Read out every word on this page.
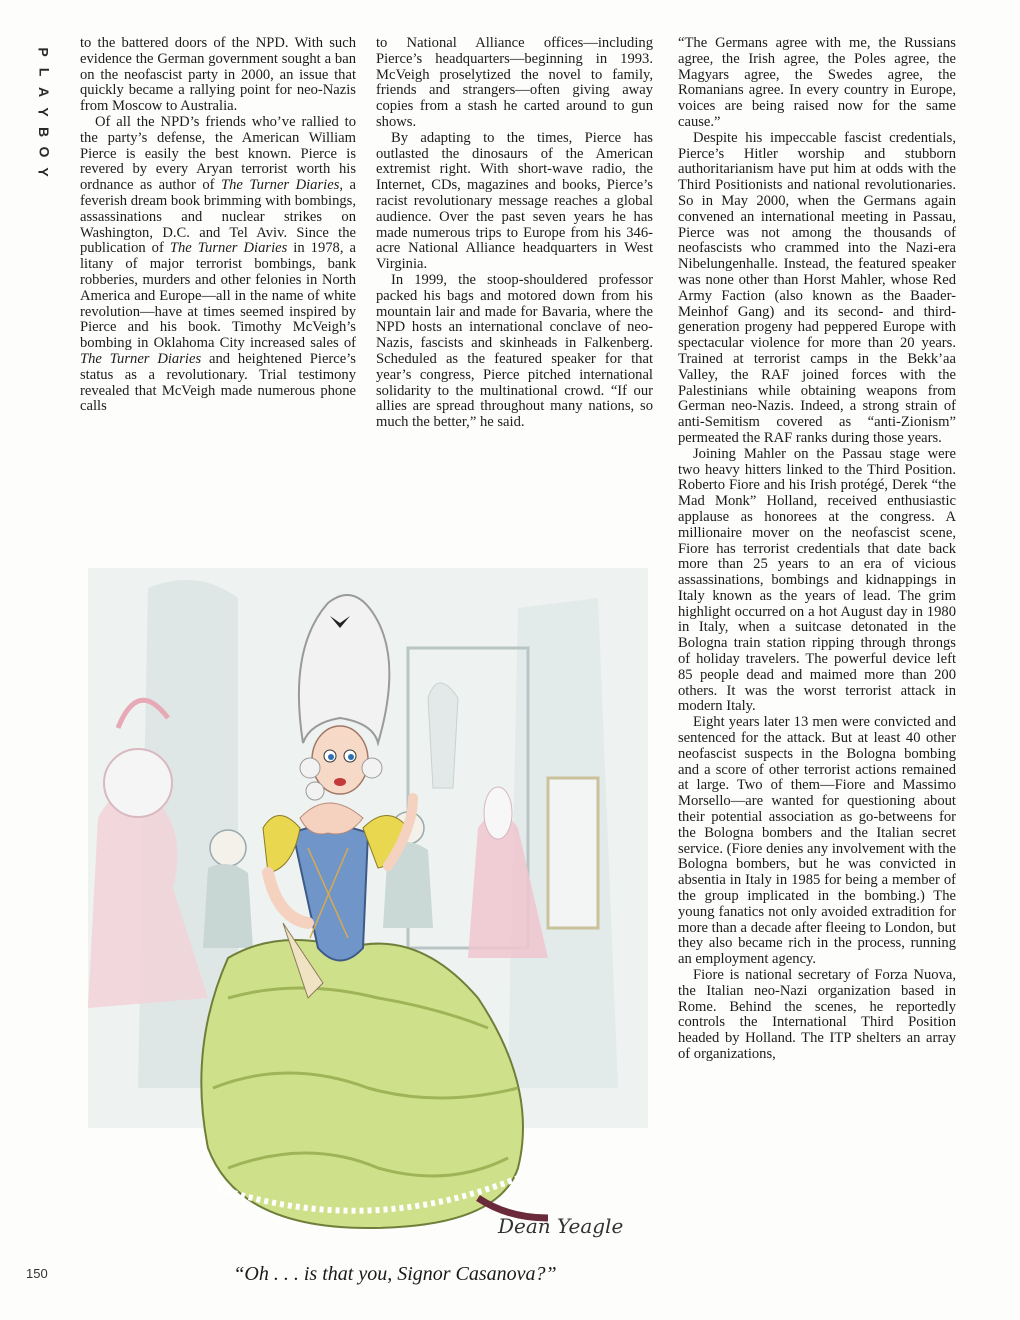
P
L
A
Y
B
O
Y

to the battered doors of the NPD. With such evidence the German government sought a ban on the neofascist party in 2000, an issue that quickly became a rallying point for neo-Nazis from Moscow to Australia.

Of all the NPD’s friends who’ve rallied to the party’s defense, the American William Pierce is easily the best known. Pierce is revered by every Aryan terrorist worth his ordnance as author of The Turner Diaries, a feverish dream book brimming with bombings, assassinations and nuclear strikes on Washington, D.C. and Tel Aviv. Since the publication of The Turner Diaries in 1978, a litany of major terrorist bombings, bank robberies, murders and other felonies in North America and Europe—all in the name of white revolution—have at times seemed inspired by Pierce and his book. Timothy McVeigh’s bombing in Oklahoma City increased sales of The Turner Diaries and heightened Pierce’s status as a revolutionary. Trial testimony revealed that McVeigh made numerous phone calls

to National Alliance offices—including Pierce’s headquarters—beginning in 1993. McVeigh proselytized the novel to family, friends and strangers—often giving away copies from a stash he carted around to gun shows.

By adapting to the times, Pierce has outlasted the dinosaurs of the American extremist right. With short-wave radio, the Internet, CDs, magazines and books, Pierce’s racist revolutionary message reaches a global audience. Over the past seven years he has made numerous trips to Europe from his 346-acre National Alliance headquarters in West Virginia.

In 1999, the stoop-shouldered professor packed his bags and motored down from his mountain lair and made for Bavaria, where the NPD hosts an international conclave of neo-Nazis, fascists and skinheads in Falkenberg. Scheduled as the featured speaker for that year’s congress, Pierce pitched international solidarity to the multinational crowd. “If our allies are spread throughout many nations, so much the better,” he said.

“The Germans agree with me, the Russians agree, the Irish agree, the Poles agree, the Magyars agree, the Swedes agree, the Romanians agree. In every country in Europe, voices are being raised now for the same cause.”

Despite his impeccable fascist credentials, Pierce’s Hitler worship and stubborn authoritarianism have put him at odds with the Third Positionists and national revolutionaries. So in May 2000, when the Germans again convened an international meeting in Passau, Pierce was not among the thousands of neofascists who crammed into the Nazi-era Nibelungenhalle. Instead, the featured speaker was none other than Horst Mahler, whose Red Army Faction (also known as the Baader-Meinhof Gang) and its second- and third-generation progeny had peppered Europe with spectacular violence for more than 20 years. Trained at terrorist camps in the Bekk’aa Valley, the RAF joined forces with the Palestinians while obtaining weapons from German neo-Nazis. Indeed, a strong strain of anti-Semitism covered as “anti-Zionism” permeated the RAF ranks during those years.

Joining Mahler on the Passau stage were two heavy hitters linked to the Third Position. Roberto Fiore and his Irish protégé, Derek “the Mad Monk” Holland, received enthusiastic applause as honorees at the congress. A millionaire mover on the neofascist scene, Fiore has terrorist credentials that date back more than 25 years to an era of vicious assassinations, bombings and kidnappings in Italy known as the years of lead. The grim highlight occurred on a hot August day in 1980 in Italy, when a suitcase detonated in the Bologna train station ripping through throngs of holiday travelers. The powerful device left 85 people dead and maimed more than 200 others. It was the worst terrorist attack in modern Italy.

Eight years later 13 men were convicted and sentenced for the attack. But at least 40 other neofascist suspects in the Bologna bombing and a score of other terrorist actions remained at large. Two of them—Fiore and Massimo Morsello—are wanted for questioning about their potential association as go-betweens for the Bologna bombers and the Italian secret service. (Fiore denies any involvement with the Bologna bombers, but he was convicted in absentia in Italy in 1985 for being a member of the group implicated in the bombing.) The young fanatics not only avoided extradition for more than a decade after fleeing to London, but they also became rich in the process, running an employment agency.

Fiore is national secretary of Forza Nuova, the Italian neo-Nazi organization based in Rome. Behind the scenes, he reportedly controls the International Third Position headed by Holland. The ITP shelters an array of organizations,

Dean Yeagle
“Oh . . . is that you, Signor Casanova?”
150
